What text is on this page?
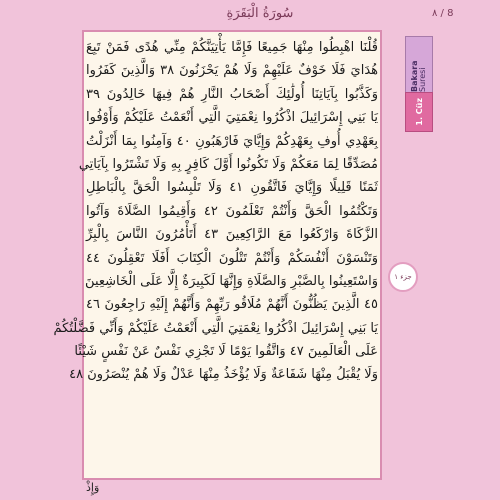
سُورَةُ الْبَقَرَةِ	٨ / 8
قُلْنَا اهْبِطُوا مِنْهَا جَمِيعًا فَإِمَّا يَأْتِيَنَّكُمْ مِنِّي هُدًى فَمَنْ تَبِعَ
هُدَايَ فَلَا خَوْفٌ عَلَيْهِمْ وَلَا هُمْ يَحْزَنُونَ ٣٨ وَالَّذِينَ كَفَرُوا
وَكَذَّبُوا بِآيَاتِنَا أُولَٰئِكَ أَصْحَابُ النَّارِ هُمْ فِيهَا خَالِدُونَ ٣٩
يَا بَنِي إِسْرَائِيلَ اذْكُرُوا نِعْمَتِيَ الَّتِي أَنْعَمْتُ عَلَيْكُمْ وَأَوْفُوا
بِعَهْدِي أُوفِ بِعَهْدِكُمْ وَإِيَّايَ فَارْهَبُونِ ٤٠ وَآمِنُوا بِمَا أَنْزَلْتُ
مُصَدِّقًا لِمَا مَعَكُمْ وَلَا تَكُونُوا أَوَّلَ كَافِرٍ بِهِ وَلَا تَشْتَرُوا بِآيَاتِي
ثَمَنًا قَلِيلًا وَإِيَّايَ فَاتَّقُونِ ٤١ وَلَا تَلْبِسُوا الْحَقَّ بِالْبَاطِلِ
وَتَكْتُمُوا الْحَقَّ وَأَنْتُمْ تَعْلَمُونَ ٤٢ وَأَقِيمُوا الصَّلَاةَ وَآتُوا
الزَّكَاةَ وَارْكَعُوا مَعَ الرَّاكِعِينَ ٤٣ أَتَأْمُرُونَ النَّاسَ بِالْبِرِّ
وَتَنْسَوْنَ أَنْفُسَكُمْ وَأَنْتُمْ تَتْلُونَ الْكِتَابَ أَفَلَا تَعْقِلُونَ ٤٤
وَاسْتَعِينُوا بِالصَّبْرِ وَالصَّلَاةِ وَإِنَّهَا لَكَبِيرَةٌ إِلَّا عَلَى الْخَاشِعِينَ
٤٥ الَّذِينَ يَظُنُّونَ أَنَّهُمْ مُلَاقُو رَبِّهِمْ وَأَنَّهُمْ إِلَيْهِ رَاجِعُونَ ٤٦
يَا بَنِي إِسْرَائِيلَ اذْكُرُوا نِعْمَتِيَ الَّتِي أَنْعَمْتُ عَلَيْكُمْ وَأَنِّي فَضَّلْتُكُمْ
عَلَى الْعَالَمِينَ ٤٧ وَاتَّقُوا يَوْمًا لَا تَجْزِي نَفْسٌ عَنْ نَفْسٍ شَيْئًا
وَلَا يُقْبَلُ مِنْهَا شَفَاعَةٌ وَلَا يُؤْخَذُ مِنْهَا عَدْلٌ وَلَا هُمْ يُنْصَرُونَ ٤٨
وَإِذْ
Bakara Suresi
1. Cüz
جزء ١
